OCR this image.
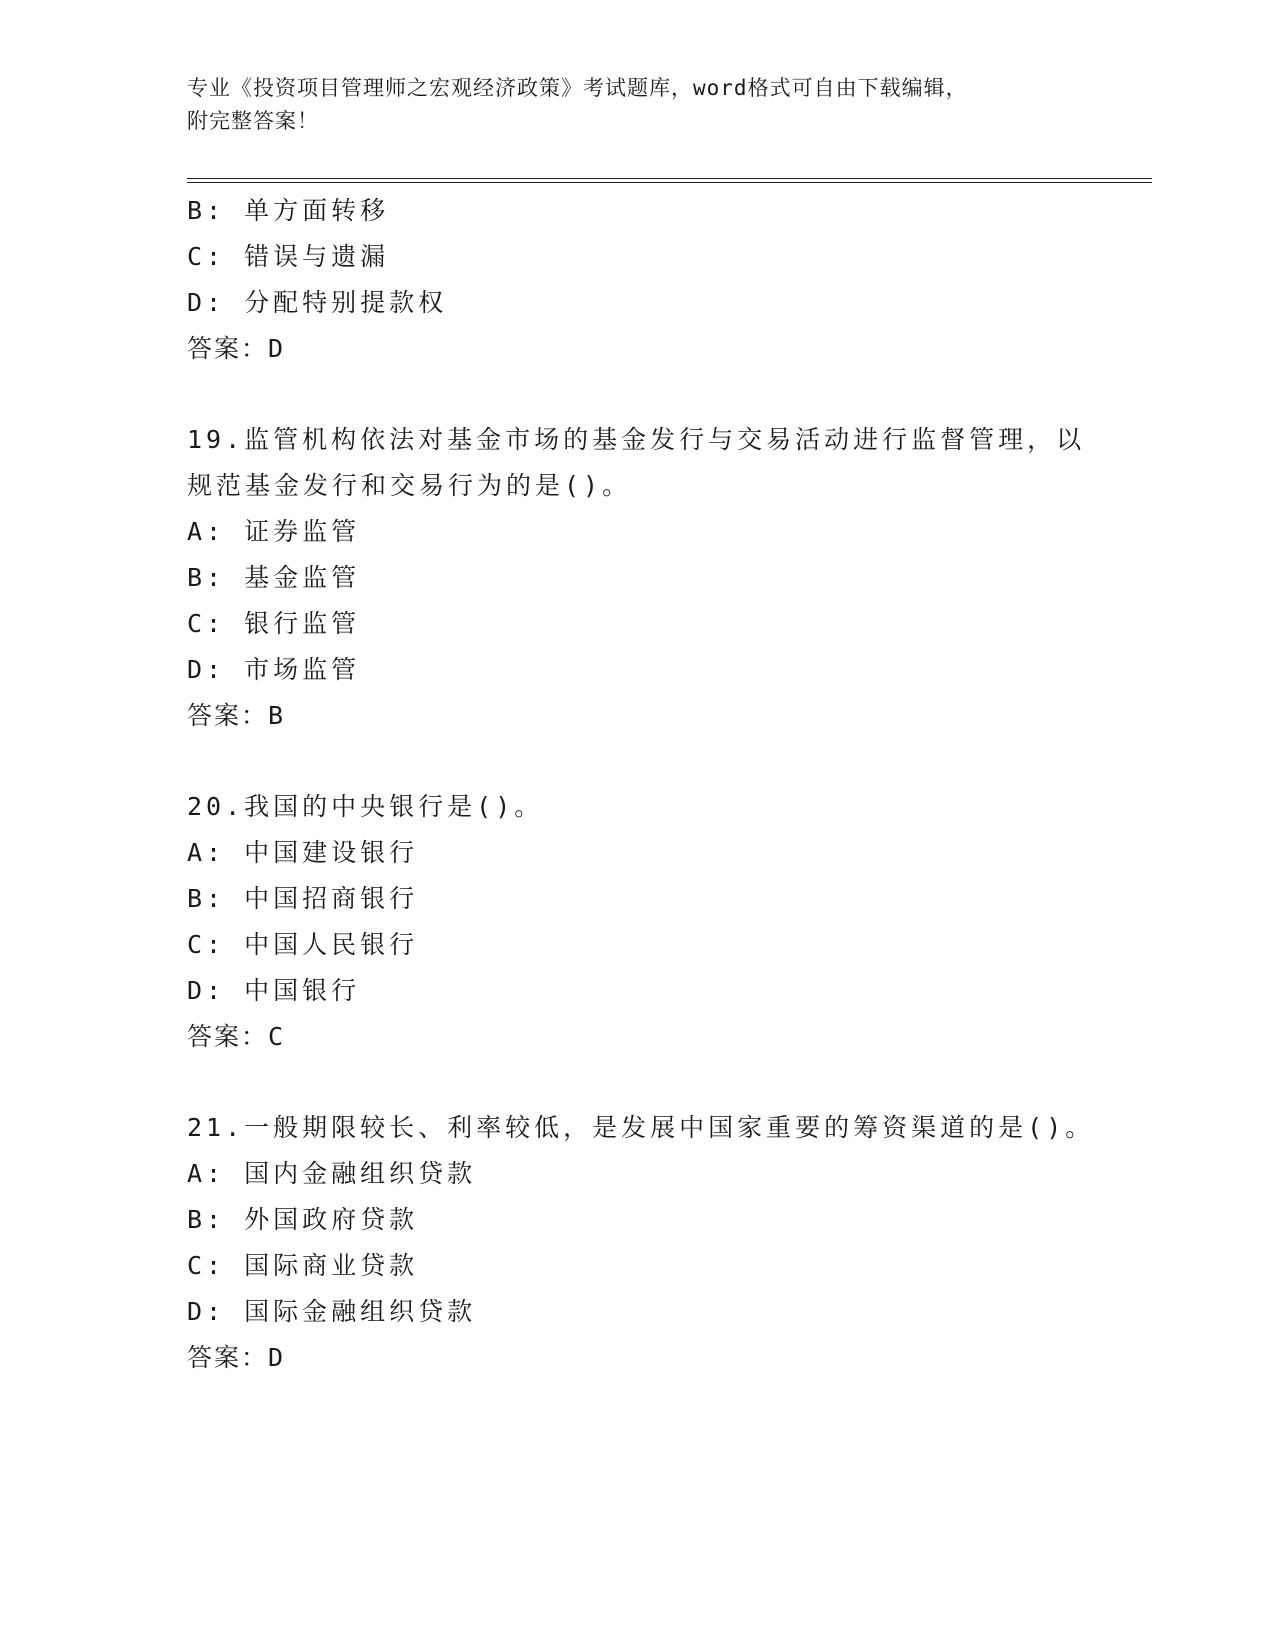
专业《投资项目管理师之宏观经济政策》考试题库，word格式可自由下载编辑，
附完整答案！
B: 单方面转移
C: 错误与遗漏
D: 分配特别提款权
答案：D
19.监管机构依法对基金市场的基金发行与交易活动进行监督管理，以
规范基金发行和交易行为的是()。
A: 证券监管
B: 基金监管
C: 银行监管
D: 市场监管
答案：B
20.我国的中央银行是()。
A: 中国建设银行
B: 中国招商银行
C: 中国人民银行
D: 中国银行
答案：C
21.一般期限较长、利率较低，是发展中国家重要的筹资渠道的是()。
A: 国内金融组织贷款
B: 外国政府贷款
C: 国际商业贷款
D: 国际金融组织贷款
答案：D
